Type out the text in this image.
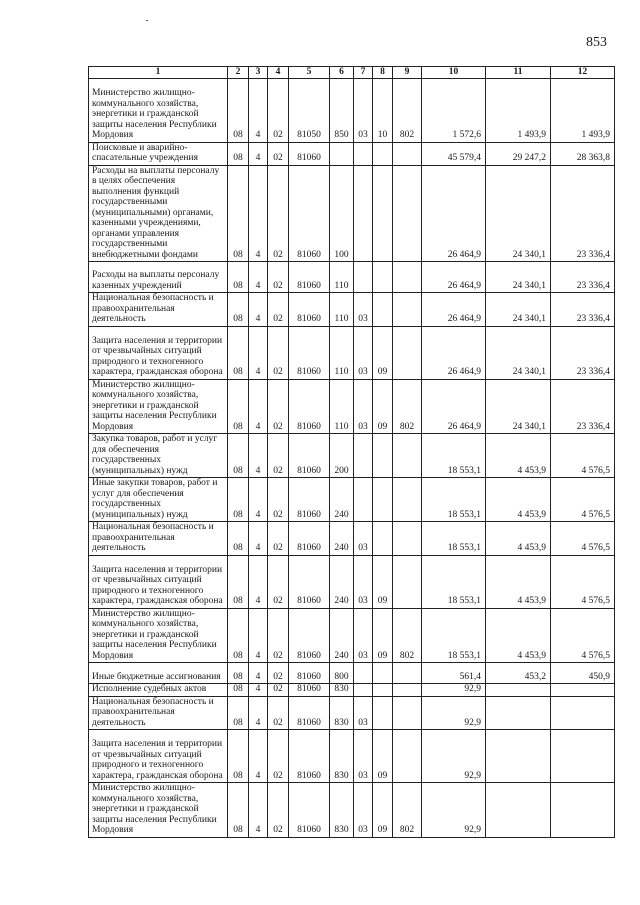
853
1	2	3	4	5	6	7	8	9	10	11	12
Министерство жилищно-коммунального хозяйства, энергетики и гражданской защиты населения Республики Мордовия	08	4	02	81050	850	03	10	802	1 572,6	1 493,9	1 493,9
Поисковые и аварийно-спасательные учреждения	08	4	02	81060					45 579,4	29 247,2	28 363,8
Расходы на выплаты персоналу в целях обеспечения выполнения функций государственными (муниципальными) органами, казенными учреждениями, органами управления государственными внебюджетными фондами	08	4	02	81060	100				26 464,9	24 340,1	23 336,4
Расходы на выплаты персоналу казенных учреждений	08	4	02	81060	110				26 464,9	24 340,1	23 336,4
Национальная безопасность и правоохранительная деятельность	08	4	02	81060	110	03			26 464,9	24 340,1	23 336,4
Защита населения и территории от чрезвычайных ситуаций природного и техногенного характера, гражданская оборона	08	4	02	81060	110	03	09		26 464,9	24 340,1	23 336,4
Министерство жилищно-коммунального хозяйства, энергетики и гражданской защиты населения Республики Мордовия	08	4	02	81060	110	03	09	802	26 464,9	24 340,1	23 336,4
Закупка товаров, работ и услуг для обеспечения государственных (муниципальных) нужд	08	4	02	81060	200				18 553,1	4 453,9	4 576,5
Иные закупки товаров, работ и услуг для обеспечения государственных (муниципальных) нужд	08	4	02	81060	240				18 553,1	4 453,9	4 576,5
Национальная безопасность и правоохранительная деятельность	08	4	02	81060	240	03			18 553,1	4 453,9	4 576,5
Защита населения и территории от чрезвычайных ситуаций природного и техногенного характера, гражданская оборона	08	4	02	81060	240	03	09		18 553,1	4 453,9	4 576,5
Министерство жилищно-коммунального хозяйства, энергетики и гражданской защиты населения Республики Мордовия	08	4	02	81060	240	03	09	802	18 553,1	4 453,9	4 576,5
Иные бюджетные ассигнования	08	4	02	81060	800				561,4	453,2	450,9
Исполнение судебных актов	08	4	02	81060	830				92,9		
Национальная безопасность и правоохранительная деятельность	08	4	02	81060	830	03			92,9		
Защита населения и территории от чрезвычайных ситуаций природного и техногенного характера, гражданская оборона	08	4	02	81060	830	03	09		92,9		
Министерство жилищно-коммунального хозяйства, энергетики и гражданской защиты населения Республики Мордовия	08	4	02	81060	830	03	09	802	92,9		
